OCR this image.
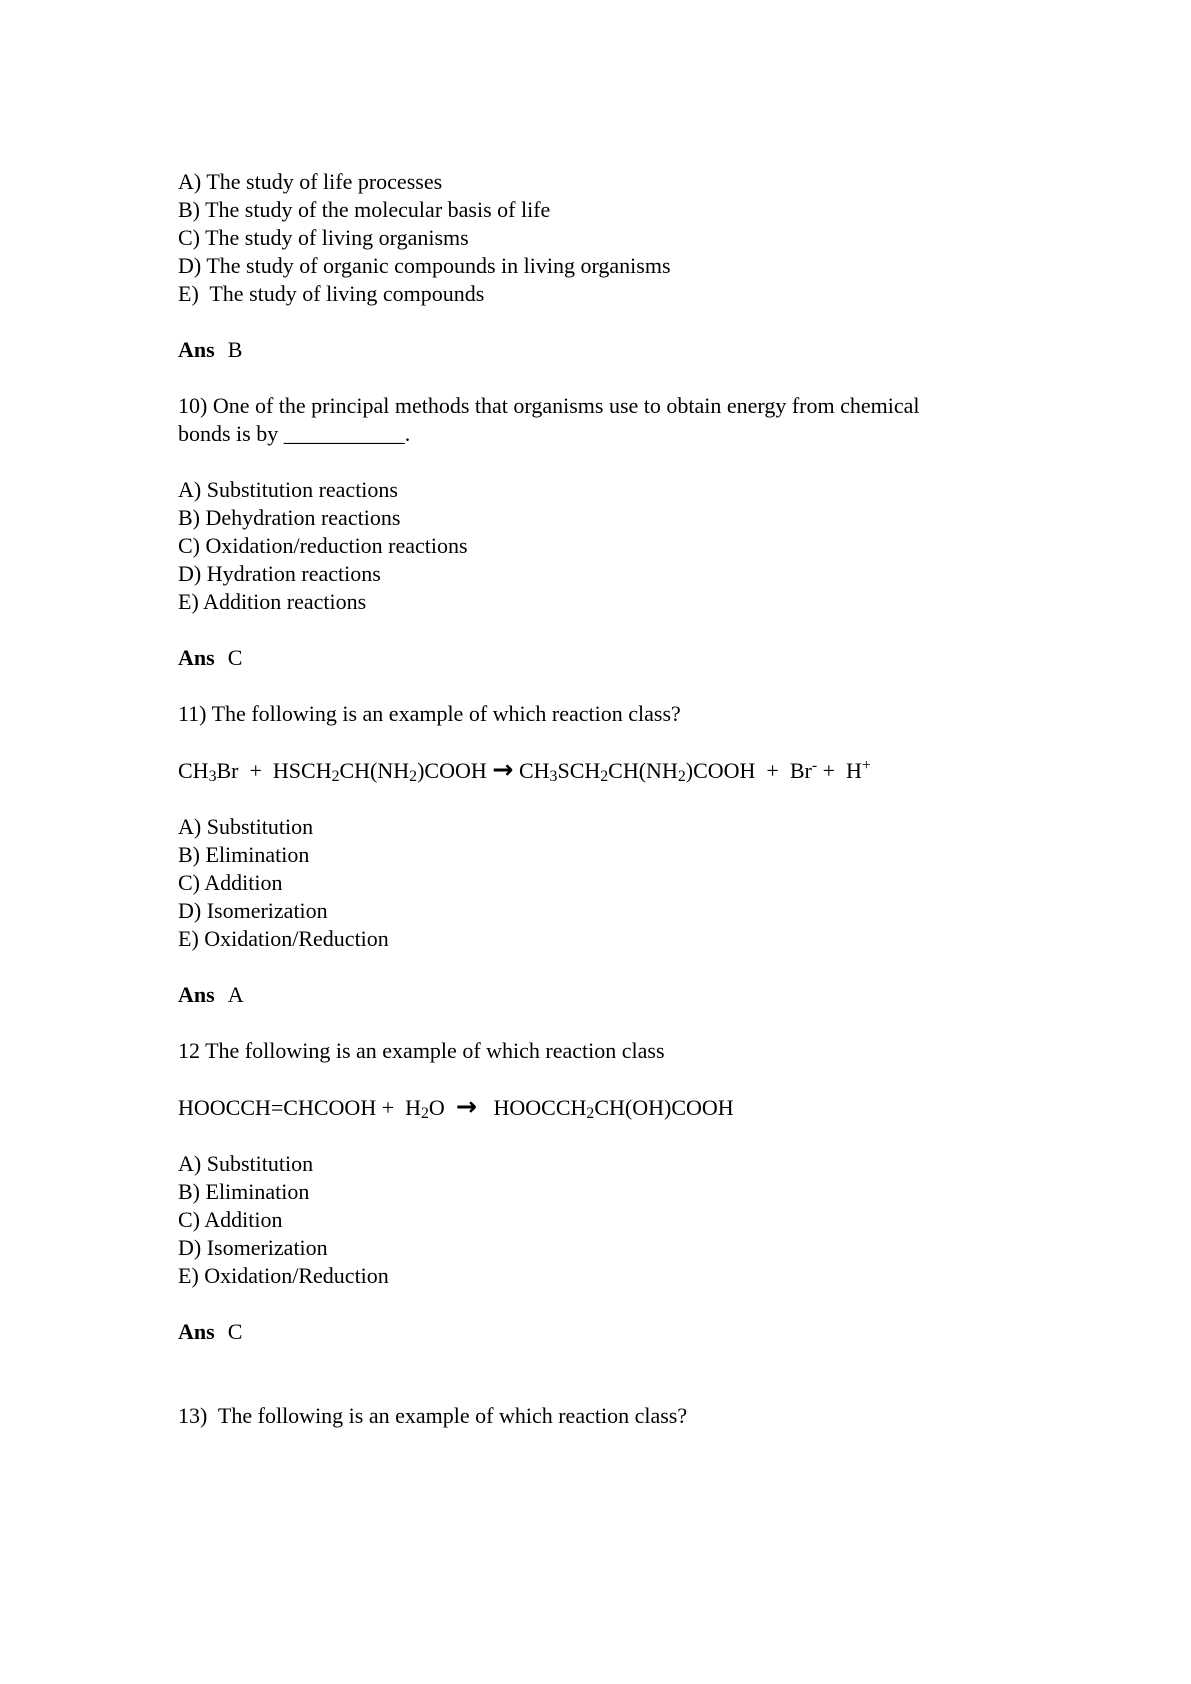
A) The study of life processes
B) The study of the molecular basis of life
C) The study of living organisms
D) The study of organic compounds in living organisms
E)  The study of living compounds
Ans B
10) One of the principal methods that organisms use to obtain energy from chemical
bonds is by ___________.
A) Substitution reactions
B) Dehydration reactions
C) Oxidation/reduction reactions
D) Hydration reactions
E) Addition reactions
Ans C
11) The following is an example of which reaction class?
$CH_3Br$  +  $HSCH_2CH(NH_2)COOH$ → $CH_3SCH_2CH(NH_2)COOH + Br^- + H^+$
A) Substitution
B) Elimination
C) Addition
D) Isomerization
E) Oxidation/Reduction
Ans A
12 The following is an example of which reaction class
HOOCCH=CHCOOH +  $H_2O$  →   $HOOCCH_2CH(OH)COOH$
A) Substitution
B) Elimination
C) Addition
D) Isomerization
E) Oxidation/Reduction
Ans C
13)  The following is an example of which reaction class?
